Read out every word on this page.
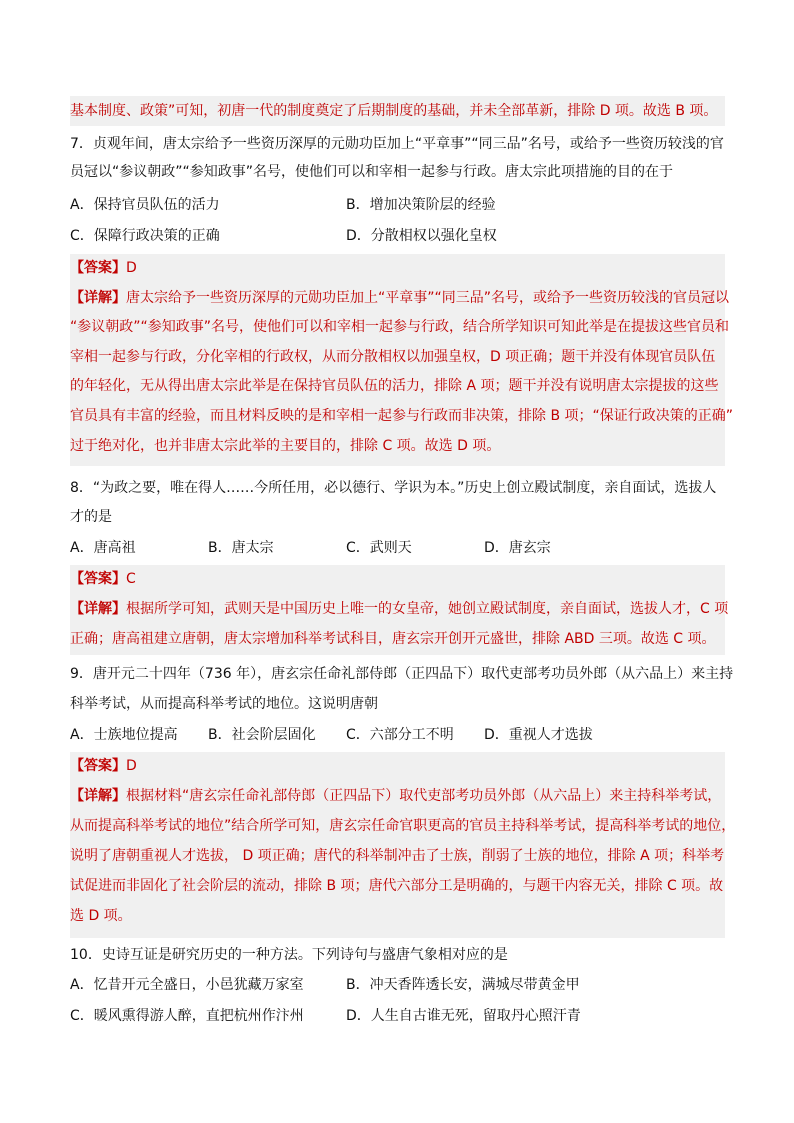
基本制度、政策”可知，初唐一代的制度奠定了后期制度的基础，并未全部革新，排除 D 项。故选 B 项。
7．贞观年间，唐太宗给予一些资历深厚的元勋功臣加上“平章事”“同三品”名号，或给予一些资历较浅的官
员冠以“参议朝政”“参知政事”名号，使他们可以和宰相一起参与行政。唐太宗此项措施的目的在于
A．保持官员队伍的活力	B．增加决策阶层的经验
C．保障行政决策的正确	D．分散相权以强化皇权
【答案】D
【详解】唐太宗给予一些资历深厚的元勋功臣加上“平章事”“同三品”名号，或给予一些资历较浅的官员冠以
“参议朝政”“参知政事”名号，使他们可以和宰相一起参与行政，结合所学知识可知此举是在提拔这些官员和
宰相一起参与行政，分化宰相的行政权，从而分散相权以加强皇权，D 项正确；题干并没有体现官员队伍
的年轻化，无从得出唐太宗此举是在保持官员队伍的活力，排除 A 项；题干并没有说明唐太宗提拔的这些
官员具有丰富的经验，而且材料反映的是和宰相一起参与行政而非决策，排除 B 项；“保证行政决策的正确”
过于绝对化，也并非唐太宗此举的主要目的，排除 C 项。故选 D 项。
8．“为政之要，唯在得人……今所任用，必以德行、学识为本。”历史上创立殿试制度，亲自面试，选拔人
才的是
A．唐高祖	B．唐太宗	C．武则天	D．唐玄宗
【答案】C
【详解】根据所学可知，武则天是中国历史上唯一的女皇帝，她创立殿试制度，亲自面试，选拔人才，C 项
正确；唐高祖建立唐朝，唐太宗增加科举考试科目，唐玄宗开创开元盛世，排除 ABD 三项。故选 C 项。
9．唐开元二十四年（736 年），唐玄宗任命礼部侍郎（正四品下）取代吏部考功员外郎（从六品上）来主持
科举考试，从而提高科举考试的地位。这说明唐朝
A．士族地位提高 B．社会阶层固化 C．六部分工不明 D．重视人才选拔
【答案】D
【详解】根据材料“唐玄宗任命礼部侍郎（正四品下）取代吏部考功员外郎（从六品上）来主持科举考试，
从而提高科举考试的地位”结合所学可知，唐玄宗任命官职更高的官员主持科举考试，提高科举考试的地位，
说明了唐朝重视人才选拔， D 项正确；唐代的科举制冲击了士族，削弱了士族的地位，排除 A 项；科举考
试促进而非固化了社会阶层的流动，排除 B 项；唐代六部分工是明确的，与题干内容无关，排除 C 项。故
选 D 项。
10．史诗互证是研究历史的一种方法。下列诗句与盛唐气象相对应的是
A．忆昔开元全盛日，小邑犹藏万家室	B．冲天香阵透长安，满城尽带黄金甲
C．暖风熏得游人醉，直把杭州作汴州	D．人生自古谁无死，留取丹心照汗青
